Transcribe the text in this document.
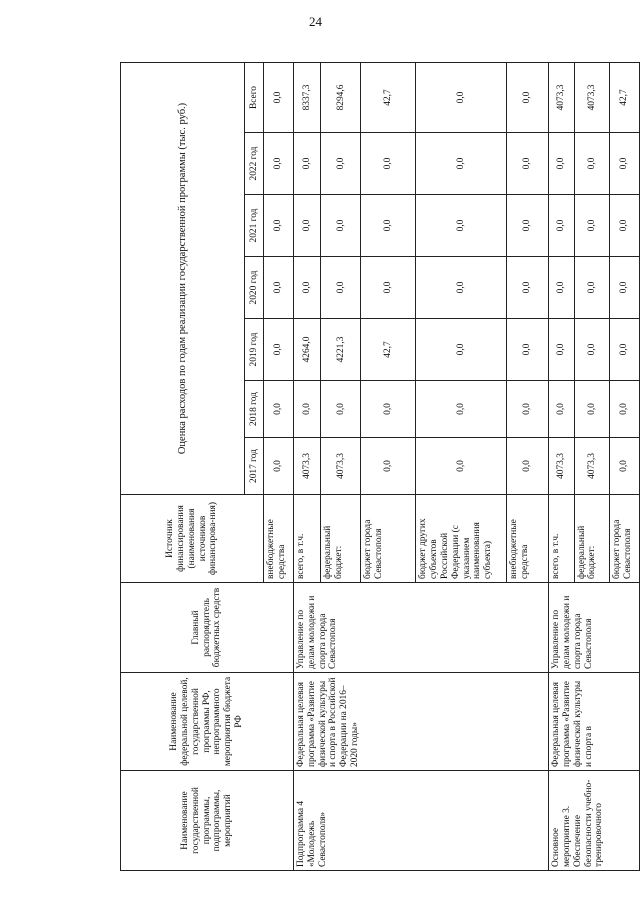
24
Наименование государственной программы, подпрограммы, мероприятий	Наименование федеральной целевой, государственной программы РФ, непрограммного мероприятия бюджета РФ	Главный распорядитель бюджетных средств	Источник финансирования (наименования источников финансирова-ния)	Оценка расходов по годам реализации государственной программы (тыс. руб.)						
				2017 год	2018 год	2019 год	2020 год	2021 год	2022 год	Всего
			внебюджетные средства	0,0	0,0	0,0	0,0	0,0	0,0	0,0
Подпрограмма 4 «Молодежь Севастополя»	Федеральная целевая программа «Развитие физической культуры и спорта в Российской Федерации на 2016–2020 годы»	Управление по делам молодежи и спорта города Севастополя	всего, в т.ч.	4073,3	0,0	4264,0	0,0	0,0	0,0	8337,3
			федеральный бюджет:	4073,3	0,0	4221,3	0,0	0,0	0,0	8294,6
			бюджет города Севастополя	0,0	0,0	42,7	0,0	0,0	0,0	42,7
			бюджет других субъектов Российской Федерации (с указанием наименования субъекта)	0,0	0,0	0,0	0,0	0,0	0,0	0,0
			внебюджетные средства	0,0	0,0	0,0	0,0	0,0	0,0	0,0
Основное мероприятие 3. Обеспечение безопасности учебно-тренировочного	Федеральная целевая программа «Развитие физической культуры и спорта в	Управление по делам молодежи и спорта города Севастополя	всего, в т.ч.	4073,3	0,0	0,0	0,0	0,0	0,0	4073,3
			федеральный бюджет:	4073,3	0,0	0,0	0,0	0,0	0,0	4073,3
			бюджет города Севастополя	0,0	0,0	0,0	0,0	0,0	0,0	42,7
